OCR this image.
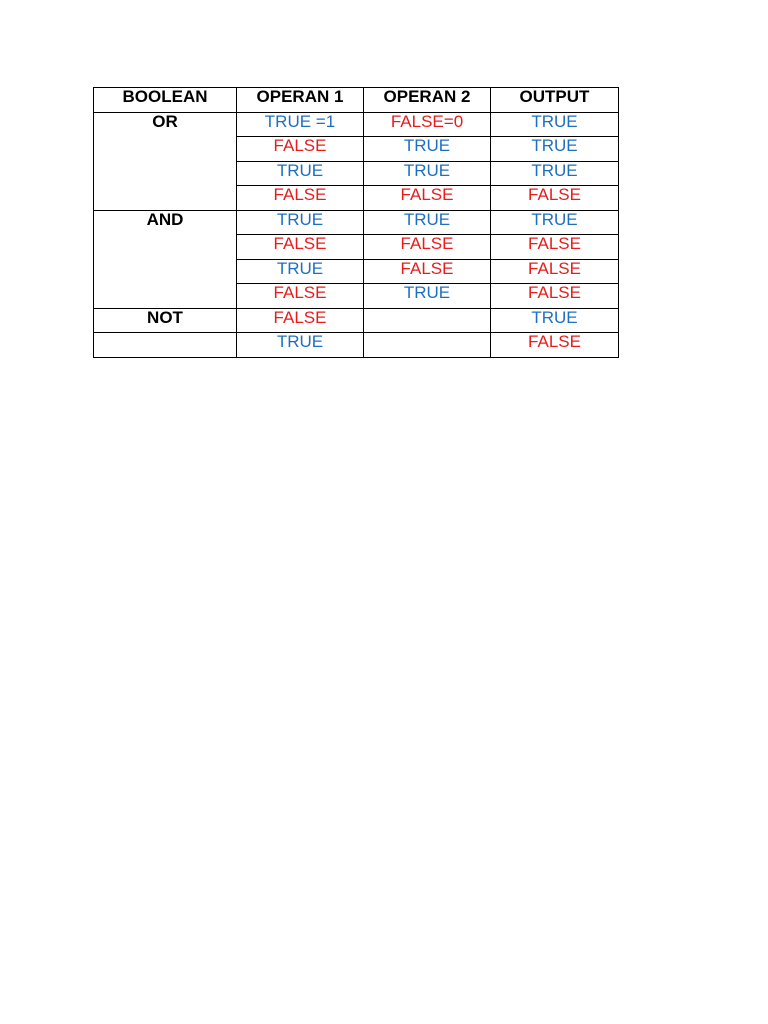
BOOLEAN	OPERAN 1	OPERAN 2	OUTPUT
OR	TRUE =1	FALSE=0	TRUE
	FALSE	TRUE	TRUE
	TRUE	TRUE	TRUE
	FALSE	FALSE	FALSE
AND	TRUE	TRUE	TRUE
	FALSE	FALSE	FALSE
	TRUE	FALSE	FALSE
	FALSE	TRUE	FALSE
NOT	FALSE		TRUE
	TRUE		FALSE
